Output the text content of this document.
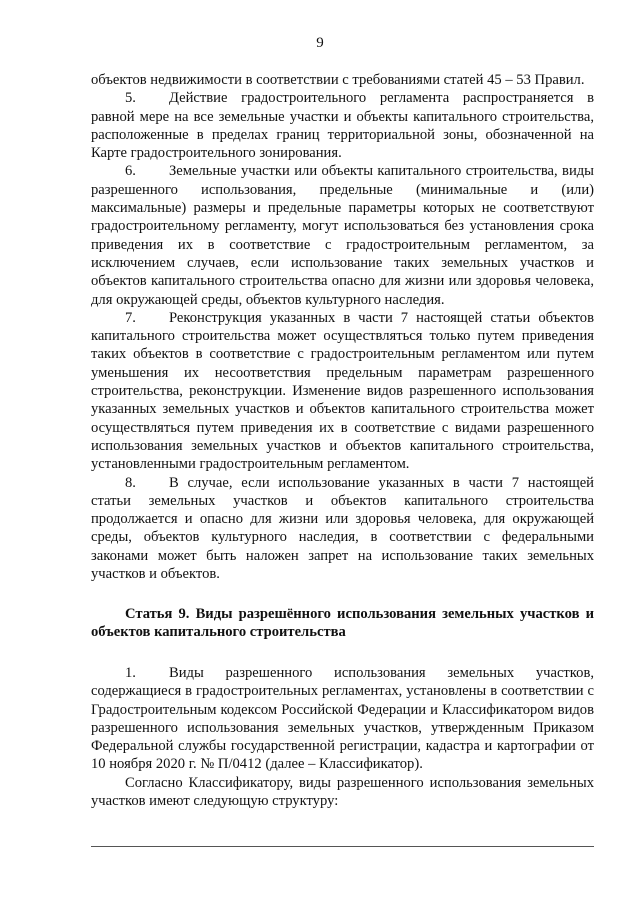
9

объектов недвижимости в соответствии с требованиями статей 45 – 53 Правил.

5. Действие градостроительного регламента распространяется в равной мере на все земельные участки и объекты капитального строительства, расположенные в пределах границ территориальной зоны, обозначенной на Карте градостроительного зонирования.

6. Земельные участки или объекты капитального строительства, виды разрешенного использования, предельные (минимальные и (или) максимальные) размеры и предельные параметры которых не соответствуют градостроительному регламенту, могут использоваться без установления срока приведения их в соответствие с градостроительным регламентом, за исключением случаев, если использование таких земельных участков и объектов капитального строительства опасно для жизни или здоровья человека, для окружающей среды, объектов культурного наследия.

7. Реконструкция указанных в части 7 настоящей статьи объектов капитального строительства может осуществляться только путем приведения таких объектов в соответствие с градостроительным регламентом или путем уменьшения их несоответствия предельным параметрам разрешенного строительства, реконструкции. Изменение видов разрешенного использования указанных земельных участков и объектов капитального строительства может осуществляться путем приведения их в соответствие с видами разрешенного использования земельных участков и объектов капитального строительства, установленными градостроительным регламентом.

8. В случае, если использование указанных в части 7 настоящей статьи земельных участков и объектов капитального строительства продолжается и опасно для жизни или здоровья человека, для окружающей среды, объектов культурного наследия, в соответствии с федеральными законами может быть наложен запрет на использование таких земельных участков и объектов.

Статья 9. Виды разрешённого использования земельных участков и объектов капитального строительства

1. Виды разрешенного использования земельных участков, содержащиеся в градостроительных регламентах, установлены в соответствии с Градостроительным кодексом Российской Федерации и Классификатором видов разрешенного использования земельных участков, утвержденным Приказом Федеральной службы государственной регистрации, кадастра и картографии от 10 ноября 2020 г. № П/0412 (далее – Классификатор).

Согласно Классификатору, виды разрешенного использования земельных участков имеют следующую структуру:
